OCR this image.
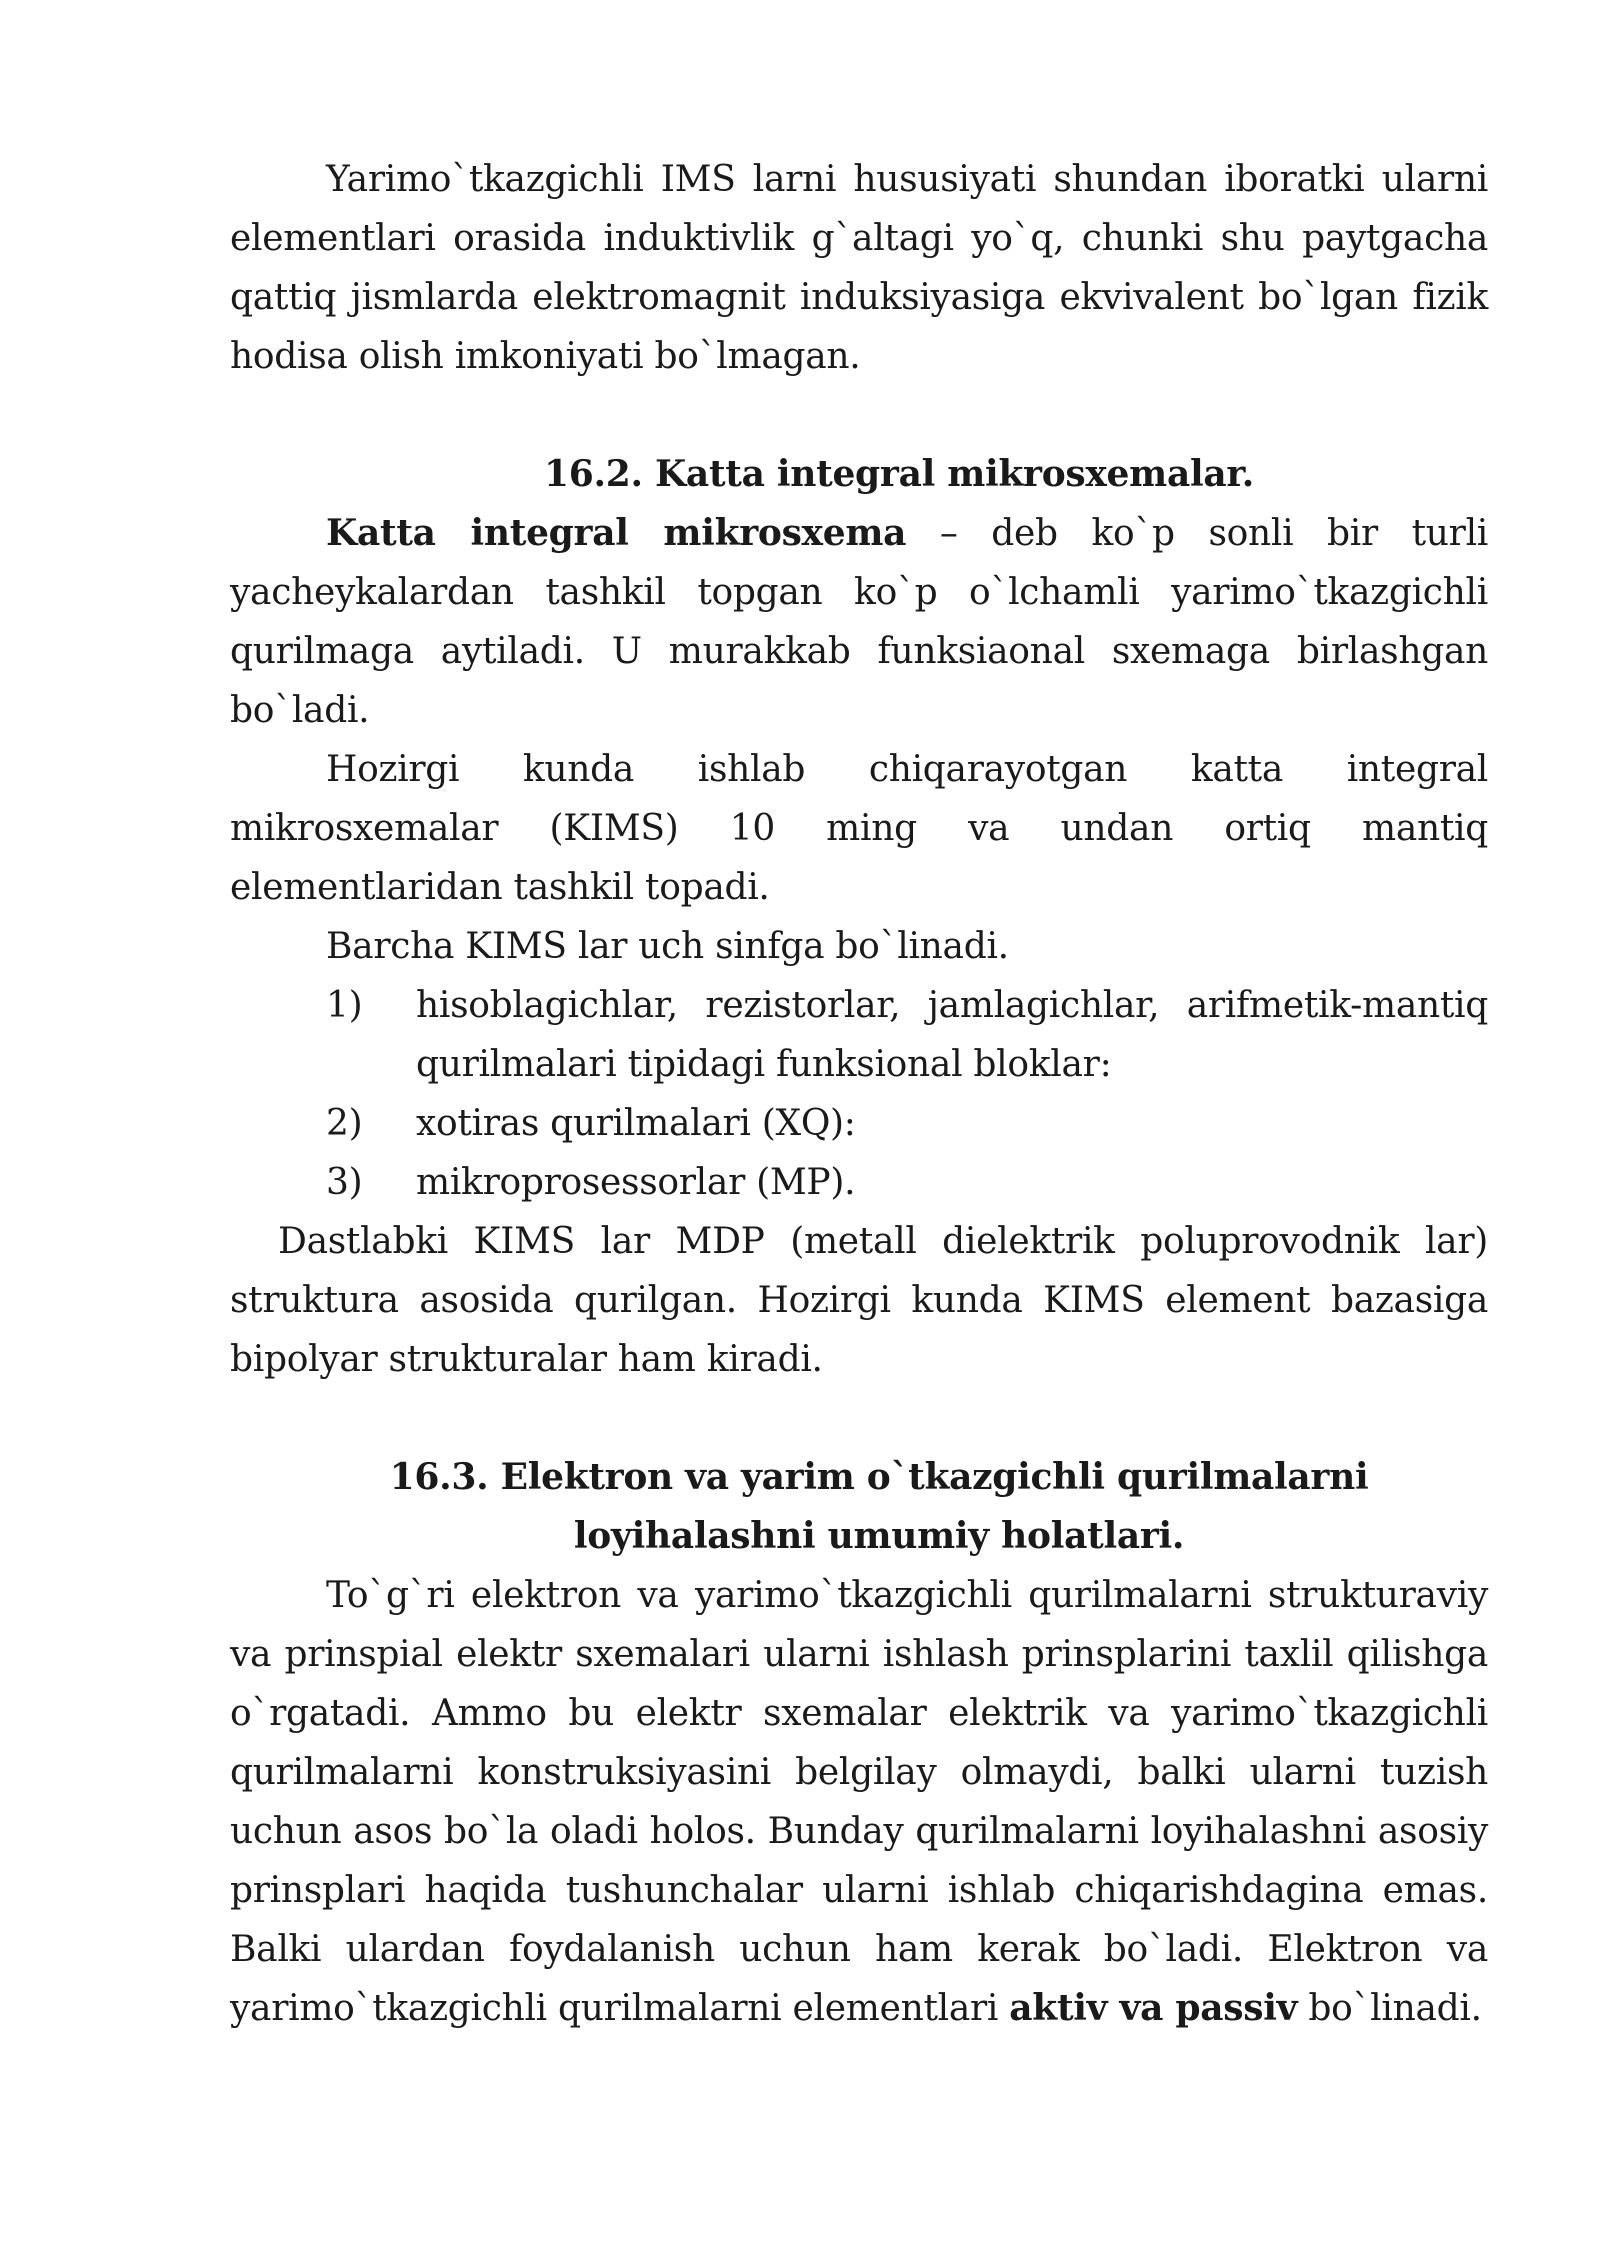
Yarimo`tkazgichli IMS larni hususiyati shundan iboratki ularni elementlari orasida induktivlik g`altagi yo`q, chunki shu paytgacha qattiq jismlarda elektromagnit induksiyasiga ekvivalent bo`lgan fizik hodisa olish imkoniyati bo`lmagan.

16.2. Katta integral mikrosxemalar.

Katta integral mikrosxema – deb ko`p sonli bir turli yacheykalardan tashkil topgan ko`p o`lchamli yarimo`tkazgichli qurilmaga aytiladi. U murakkab funksiaonal sxemaga birlashgan bo`ladi.

Hozirgi kunda ishlab chiqarayotgan katta integral mikrosxemalar (KIMS) 10 ming va undan ortiq mantiq elementlaridan tashkil topadi.

Barcha KIMS lar uch sinfga bo`linadi.

1)	hisoblagichlar, rezistorlar, jamlagichlar, arifmetik-mantiq qurilmalari tipidagi funksional bloklar:
2)	xotiras qurilmalari (XQ):
3)	mikroprosessorlar (MP).

Dastlabki KIMS lar MDP (metall dielektrik poluprovodnik lar) struktura asosida qurilgan. Hozirgi kunda KIMS element bazasiga bipolyar strukturalar ham kiradi.

16.3. Elektron va yarim o`tkazgichli qurilmalarni

loyihalashni umumiy holatlari.

To`g`ri elektron va yarimo`tkazgichli qurilmalarni strukturaviy va prinspial elektr sxemalari ularni ishlash prinsplarini taxlil qilishga o`rgatadi. Ammo bu elektr sxemalar elektrik va yarimo`tkazgichli qurilmalarni konstruksiyasini belgilay olmaydi, balki ularni tuzish uchun asos bo`la oladi holos. Bunday qurilmalarni loyihalashni asosiy prinsplari haqida tushunchalar ularni ishlab chiqarishdagina emas. Balki ulardan foydalanish uchun ham kerak bo`ladi. Elektron va yarimo`tkazgichli qurilmalarni elementlari aktiv va passiv bo`linadi.
